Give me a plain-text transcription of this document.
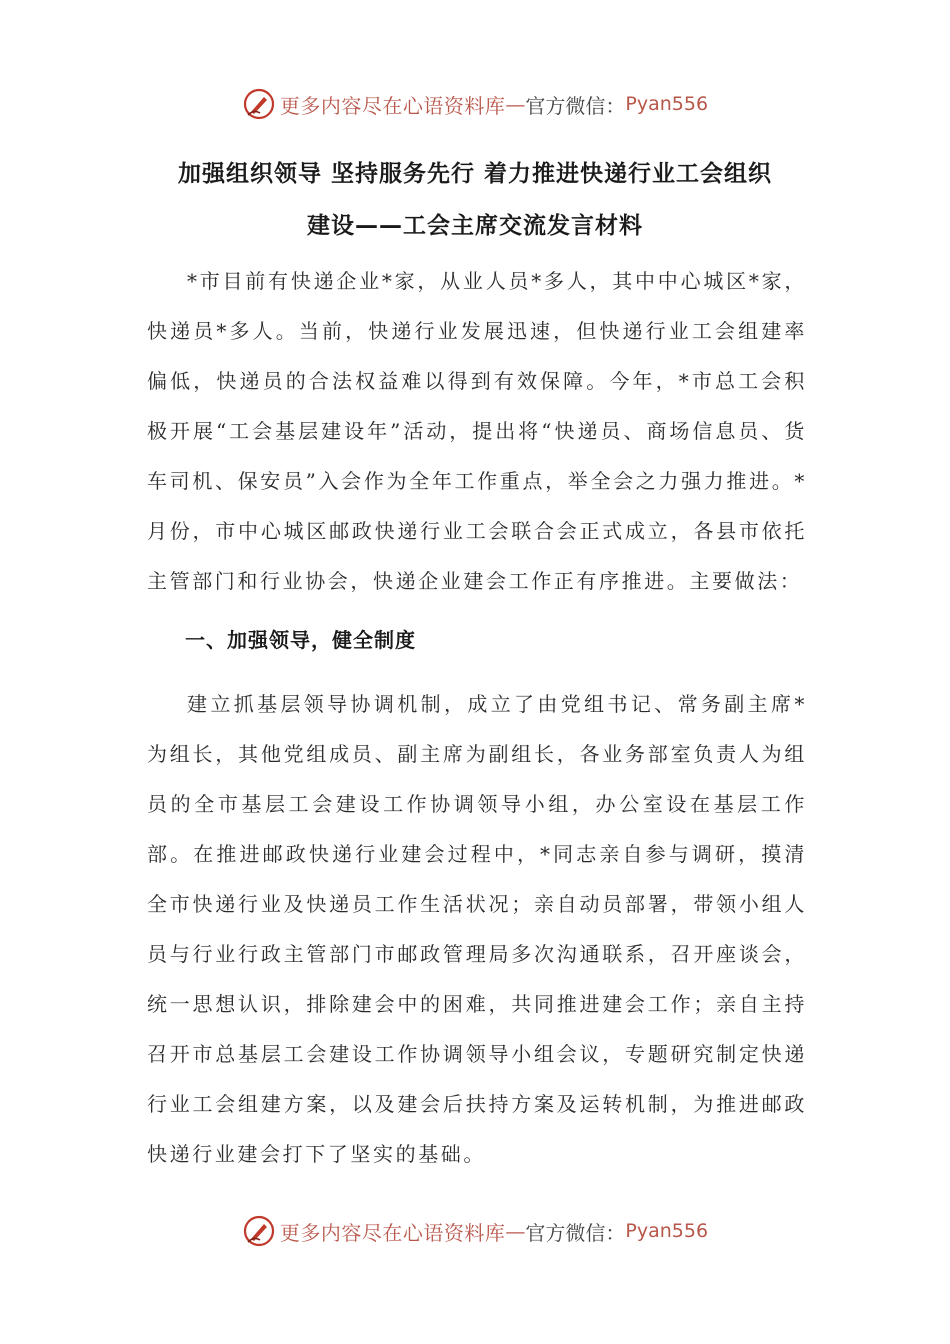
更多内容尽在心语资料库 — 官方微信： Pyan556
加强组织领导 坚持服务先行 着力推进快递行业工会组织
建设——工会主席交流发言材料

*市目前有快递企业*家，从业人员*多人，其中中心城区*家，快递员*多人。当前，快递行业发展迅速，但快递行业工会组建率偏低，快递员的合法权益难以得到有效保障。今年，*市总工会积极开展“工会基层建设年”活动，提出将“快递员、商场信息员、货车司机、保安员”入会作为全年工作重点，举全会之力强力推进。*月份，市中心城区邮政快递行业工会联合会正式成立，各县市依托主管部门和行业协会，快递企业建会工作正有序推进。主要做法：

一、加强领导，健全制度

建立抓基层领导协调机制，成立了由党组书记、常务副主席*为组长，其他党组成员、副主席为副组长，各业务部室负责人为组员的全市基层工会建设工作协调领导小组，办公室设在基层工作部。在推进邮政快递行业建会过程中，*同志亲自参与调研，摸清全市快递行业及快递员工作生活状况；亲自动员部署，带领小组人员与行业行政主管部门市邮政管理局多次沟通联系，召开座谈会，统一思想认识，排除建会中的困难，共同推进建会工作；亲自主持召开市总基层工会建设工作协调领导小组会议，专题研究制定快递行业工会组建方案，以及建会后扶持方案及运转机制，为推进邮政快递行业建会打下了坚实的基础。

更多内容尽在心语资料库 — 官方微信： Pyan556
